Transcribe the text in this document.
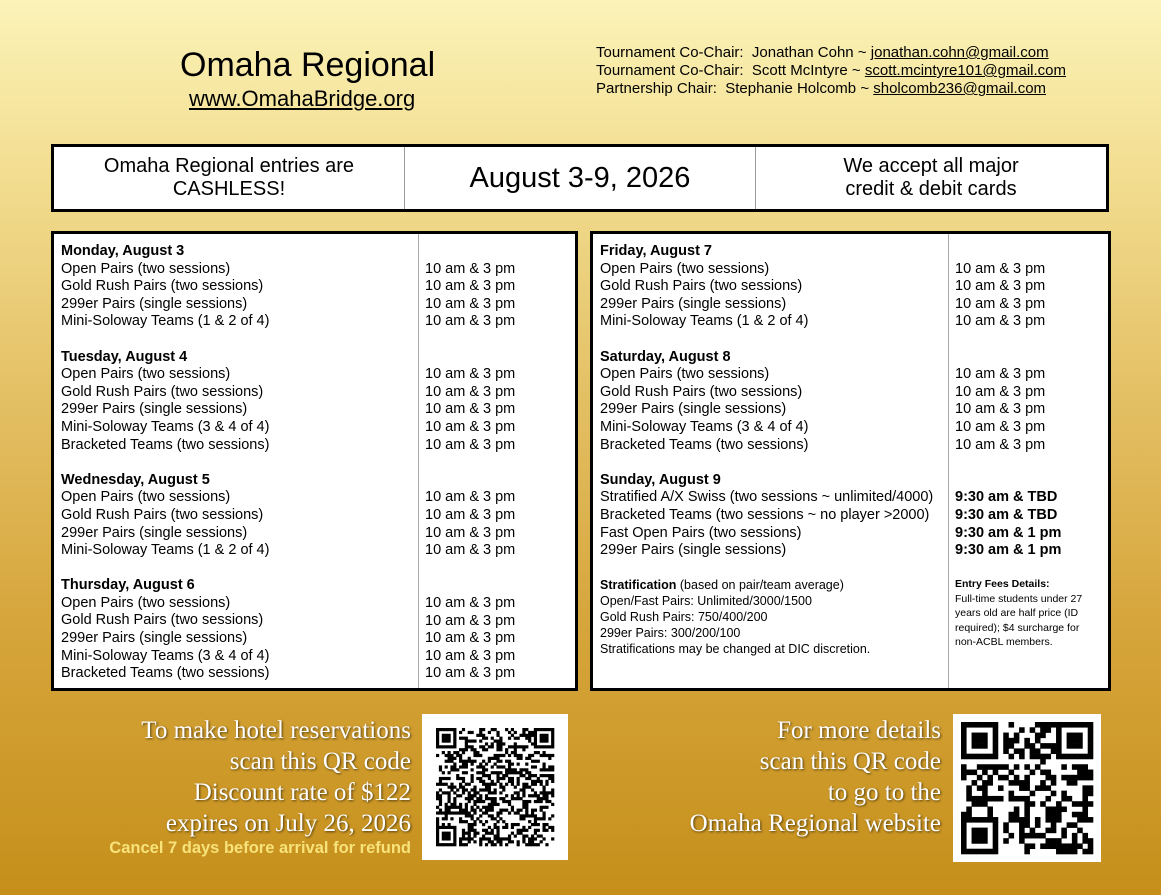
Omaha Regional
www.OmahaBridge.org
Tournament Co-Chair: Jonathan Cohn ~ jonathan.cohn@gmail.com
Tournament Co-Chair: Scott McIntyre ~ scott.mcintyre101@gmail.com
Partnership Chair: Stephanie Holcomb ~ sholcomb236@gmail.com
Omaha Regional entries are
CASHLESS!	August 3-9, 2026	We accept all major
credit & debit cards
Monday, August 3
Open Pairs (two sessions)
Gold Rush Pairs (two sessions)
299er Pairs (single sessions)
Mini-Soloway Teams (1 & 2 of 4)
Tuesday, August 4
Open Pairs (two sessions)
Gold Rush Pairs (two sessions)
299er Pairs (single sessions)
Mini-Soloway Teams (3 & 4 of 4)
Bracketed Teams (two sessions)
Wednesday, August 5
Open Pairs (two sessions)
Gold Rush Pairs (two sessions)
299er Pairs (single sessions)
Mini-Soloway Teams (1 & 2 of 4)
Thursday, August 6
Open Pairs (two sessions)
Gold Rush Pairs (two sessions)
299er Pairs (single sessions)
Mini-Soloway Teams (3 & 4 of 4)
Bracketed Teams (two sessions)
10 am & 3 pm
10 am & 3 pm
10 am & 3 pm
10 am & 3 pm
10 am & 3 pm
10 am & 3 pm
10 am & 3 pm
10 am & 3 pm
10 am & 3 pm
10 am & 3 pm
10 am & 3 pm
10 am & 3 pm
10 am & 3 pm
10 am & 3 pm
10 am & 3 pm
10 am & 3 pm
10 am & 3 pm
10 am & 3 pm
Friday, August 7
Open Pairs (two sessions)
Gold Rush Pairs (two sessions)
299er Pairs (single sessions)
Mini-Soloway Teams (1 & 2 of 4)
Saturday, August 8
Open Pairs (two sessions)
Gold Rush Pairs (two sessions)
299er Pairs (single sessions)
Mini-Soloway Teams (3 & 4 of 4)
Bracketed Teams (two sessions)
Sunday, August 9
Stratified A/X Swiss (two sessions ~ unlimited/4000)
Bracketed Teams (two sessions ~ no player >2000)
Fast Open Pairs (two sessions)
299er Pairs (single sessions)
10 am & 3 pm
10 am & 3 pm
10 am & 3 pm
10 am & 3 pm
10 am & 3 pm
10 am & 3 pm
10 am & 3 pm
10 am & 3 pm
10 am & 3 pm
9:30 am & TBD
9:30 am & TBD
9:30 am & 1 pm
9:30 am & 1 pm
Stratification (based on pair/team average)
Open/Fast Pairs: Unlimited/3000/1500
Gold Rush Pairs: 750/400/200
299er Pairs: 300/200/100
Stratifications may be changed at DIC discretion.
Entry Fees Details:
Full-time students under 27 years old are half price (ID required); $4 surcharge for non-ACBL members.
To make hotel reservations
scan this QR code
Discount rate of $122
expires on July 26, 2026
Cancel 7 days before arrival for refund
For more details
scan this QR code
to go to the
Omaha Regional website
